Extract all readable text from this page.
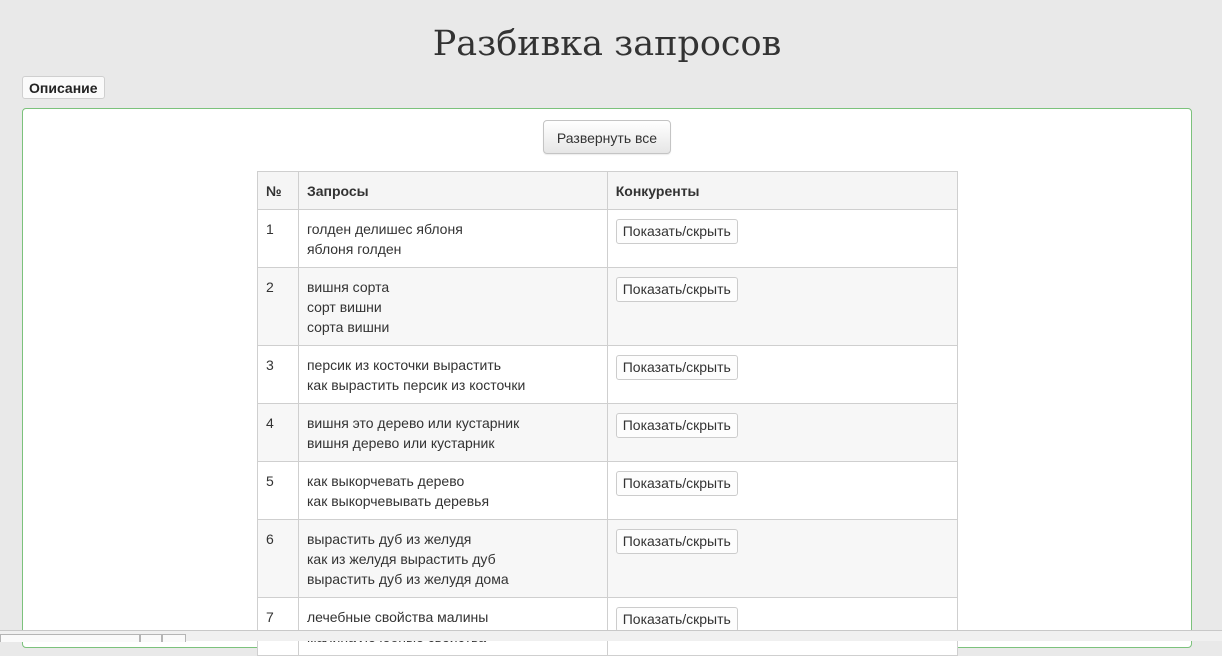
Разбивка запросов
Описание
Развернуть все
№	Запросы	Конкуренты
1	голден делишес яблоня
яблоня голден	Показать/скрыть
2	вишня сорта
сорт вишни
сорта вишни	Показать/скрыть
3	персик из косточки вырастить
как вырастить персик из косточки	Показать/скрыть
4	вишня это дерево или кустарник
вишня дерево или кустарник	Показать/скрыть
5	как выкорчевать дерево
как выкорчевывать деревья	Показать/скрыть
6	вырастить дуб из желудя
как из желудя вырастить дуб
вырастить дуб из желудя дома	Показать/скрыть
7	лечебные свойства малины	Показать/скрыть
